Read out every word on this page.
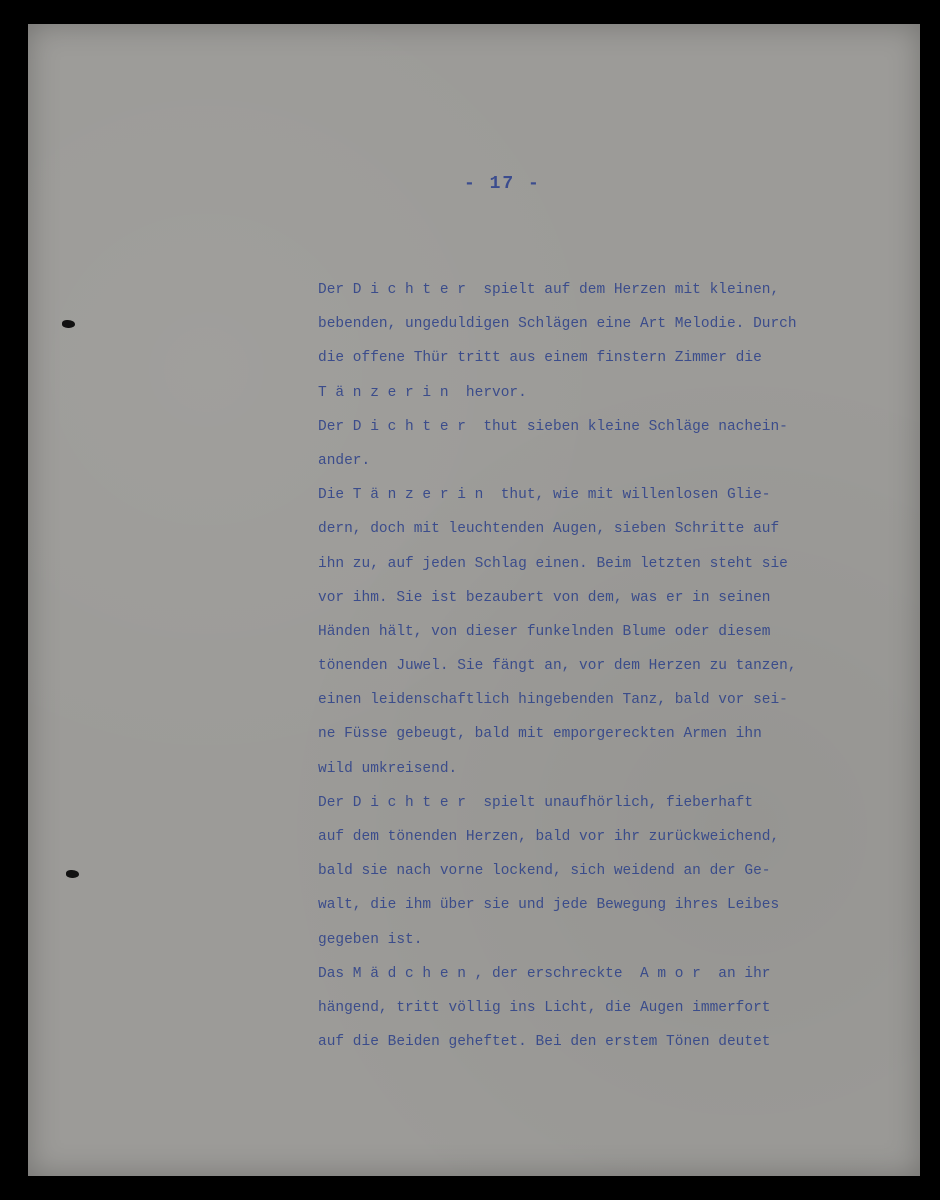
- 17 -
Der D i c h t e r  spielt auf dem Herzen mit kleinen,
bebenden, ungeduldigen Schlägen eine Art Melodie. Durch
die offene Thür tritt aus einem finstern Zimmer die
T ä n z e r i n  hervor.
Der D i c h t e r  thut sieben kleine Schläge nachein-
ander.
Die T ä n z e r i n  thut, wie mit willenlosen Glie-
dern, doch mit leuchtenden Augen, sieben Schritte auf
ihn zu, auf jeden Schlag einen. Beim letzten steht sie
vor ihm. Sie ist bezaubert von dem, was er in seinen
Händen hält, von dieser funkelnden Blume oder diesem
tönenden Juwel. Sie fängt an, vor dem Herzen zu tanzen,
einen leidenschaftlich hingebenden Tanz, bald vor sei-
ne Füsse gebeugt, bald mit emporgereckten Armen ihn
wild umkreisend.
Der D i c h t e r  spielt unaufhörlich, fieberhaft
auf dem tönenden Herzen, bald vor ihr zurückweichend,
bald sie nach vorne lockend, sich weidend an der Ge-
walt, die ihm über sie und jede Bewegung ihres Leibes
gegeben ist.
Das M ä d c h e n , der erschreckte  A m o r  an ihr
hängend, tritt völlig ins Licht, die Augen immerfort
auf die Beiden geheftet. Bei den erstem Tönen deutet
